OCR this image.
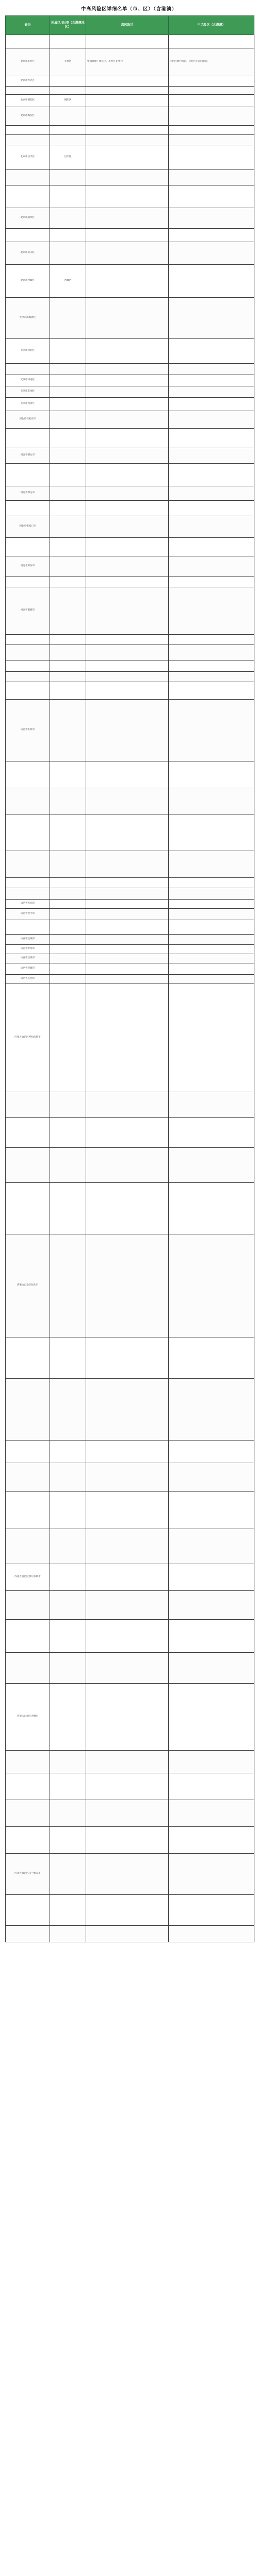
中高风险区详细名单（市、区）（含港澳）
省份	所属区/县/市（含港澳地区）	高风险区	中风险区（含港澳）

北京市丰台区	丰台区	中国铁建广场小区，丰台区花乡村	丰台区新村街道，丰台区卢沟桥街道
北京市大兴区			

北京市朝阳区	朝阳区		
北京市海淀区			

北京市昌平区	昌平区		

北京市通州区			

北京市房山区			
北京市西城区	西城区		
天津市滨海新区			
天津市河北区			

天津市津南区			
天津市东丽区			
天津市西青区			
河北省石家庄市			

河北省邢台市			

河北省保定市			

河北省张家口市			

河北省廊坊市			

河北省邯郸市			

山西省太原市			

山西省大同市			
山西省晋中市			

山西省运城市			
山西省忻州市			
山西省吕梁市			
山西省晋城市			
山西省长治市			
内蒙古自治区呼和浩特市			

内蒙古自治区包头市			

内蒙古自治区鄂尔多斯市			

内蒙古自治区赤峰市			

内蒙古自治区乌兰察布市			
